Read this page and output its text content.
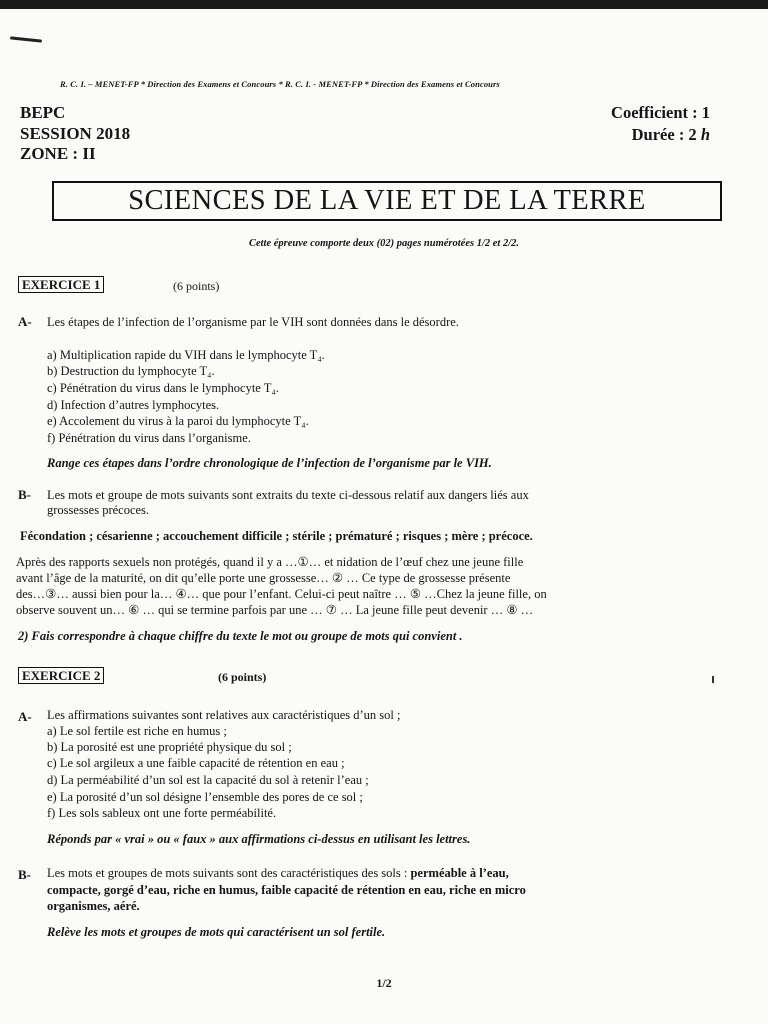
R. C. I. – MENET-FP * Direction des Examens et Concours * R. C. I. - MENET-FP * Direction des Examens et Concours
BEPC
SESSION 2018
ZONE : II
Coefficient : 1
Durée : 2 h
SCIENCES DE LA VIE ET DE LA TERRE
Cette épreuve comporte deux (02) pages numérotées 1/2 et 2/2.
EXERCICE 1	(6 points)
A- Les étapes de l’infection de l’organisme par le VIH sont données dans le désordre.
a) Multiplication rapide du VIH dans le lymphocyte T₄.
b) Destruction du lymphocyte T₄.
c) Pénétration du virus dans le lymphocyte T₄.
d) Infection d’autres lymphocytes.
e) Accolement du virus à la paroi du lymphocyte T₄.
f) Pénétration du virus dans l’organisme.
Range ces étapes dans l’ordre chronologique de l’infection de l’organisme par le VIH.
B- Les mots et groupe de mots suivants sont extraits du texte ci-dessous relatif aux dangers liés aux
grossesses précoces.
Fécondation ; césarienne ; accouchement difficile ; stérile ; prématuré ; risques ; mère ; précoce.
Après des rapports sexuels non protégés, quand il y a …①… et nidation de l’œuf chez une jeune fille
avant l’âge de la maturité, on dit qu’elle porte une grossesse… ② … Ce type de grossesse présente
des…③… aussi bien pour la… ④… que pour l’enfant. Celui-ci peut naître … ⑤ …Chez la jeune fille, on
observe souvent un… ⑥ … qui se termine parfois par une … ⑦ … La jeune fille peut devenir … ⑧ …
2) Fais correspondre à chaque chiffre du texte le mot ou groupe de mots qui convient .
EXERCICE 2	(6 points)
A- Les affirmations suivantes sont relatives aux caractéristiques d’un sol ;
a) Le sol fertile est riche en humus ;
b) La porosité est une propriété physique du sol ;
c) Le sol argileux a une faible capacité de rétention en eau ;
d) La perméabilité d’un sol est la capacité du sol à retenir l’eau ;
e) La porosité d’un sol désigne l’ensemble des pores de ce sol ;
f) Les sols sableux ont une forte perméabilité.
Réponds par « vrai » ou « faux » aux affirmations ci-dessus en utilisant les lettres.
B- Les mots et groupes de mots suivants sont des caractéristiques des sols : perméable à l’eau,
compacte, gorgé d’eau, riche en humus, faible capacité de rétention en eau, riche en micro
organismes, aéré.
Relève les mots et groupes de mots qui caractérisent un sol fertile.
1/2
